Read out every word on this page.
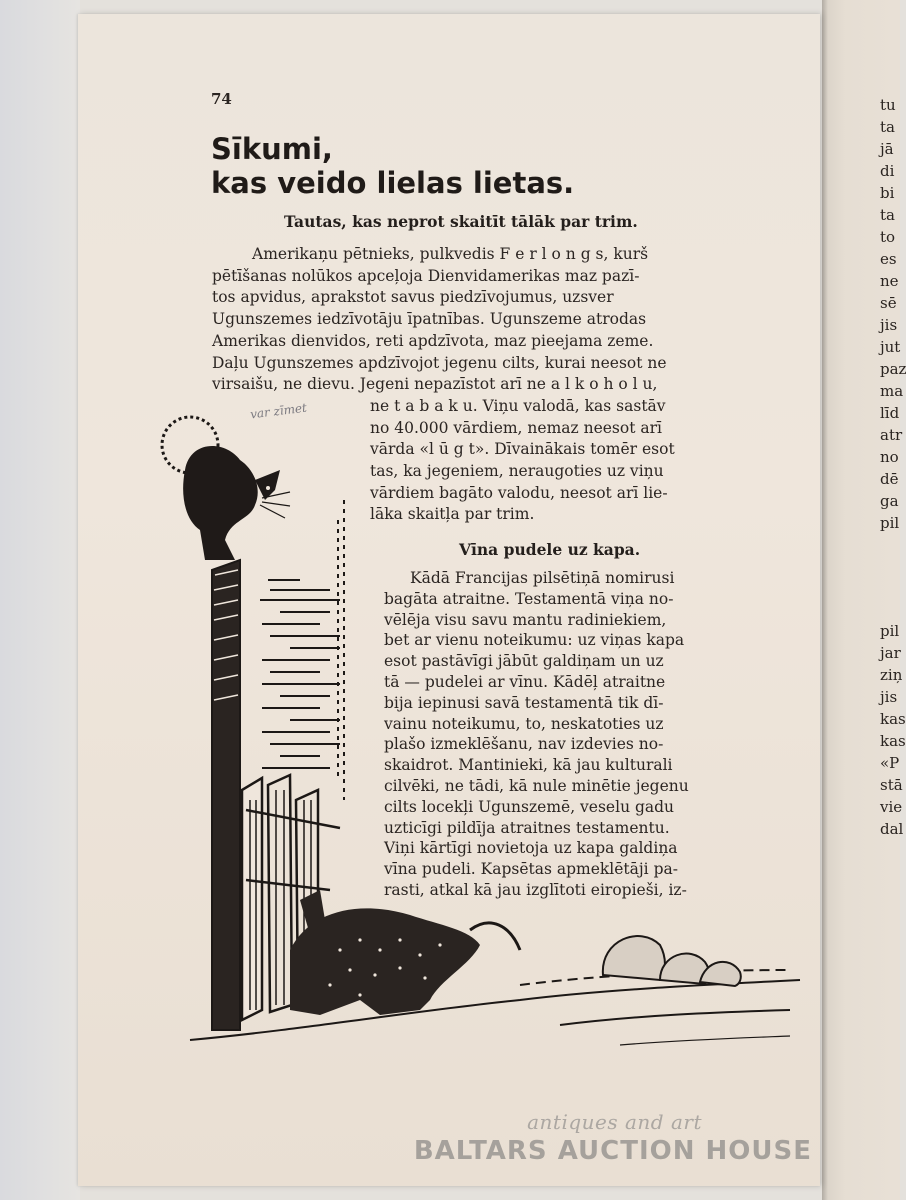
tu
ta
jā
di
bi
ta
to
es
ne
sē
jis
jut
paz
ma
līd
atr
no
dē
ga
pil
pil
jar
ziņ
jis
kas
kas
«P
stā
vie
dal
74
Sīkumi,
kas veido lielas lietas.
Tautas, kas neprot skaitīt tālāk par trim.
Amerikaņu pētnieks, pulkvedis F e r l o n g s, kurš
pētīšanas nolūkos apceļoja Dienvidamerikas maz pazī-
tos apvidus, aprakstot savus piedzīvojumus, uzsver
Ugunszemes iedzīvotāju īpatnības. Ugunszeme atrodas
Amerikas dienvidos, reti apdzīvota, maz pieejama zeme.
Daļu Ugunszemes apdzīvojot jegenu cilts, kurai neesot ne
virsaišu, ne dievu. Jegeni nepazīstot arī ne a l k o h o l u,
ne t a b a k u. Viņu valodā, kas sastāv
no 40.000 vārdiem, nemaz neesot arī
vārda «l ū g t». Dīvainākais tomēr esot
tas, ka jegeniem, neraugoties uz viņu
vārdiem bagāto valodu, neesot arī lie-
lāka skaitļa par trim.
var zīmet
Vīna pudele uz kapa.
Kādā Francijas pilsētiņā nomirusi
bagāta atraitne. Testamentā viņa no-
vēlēja visu savu mantu radiniekiem,
bet ar vienu noteikumu: uz viņas kapa
esot pastāvīgi jābūt galdiņam un uz
tā — pudelei ar vīnu. Kādēļ atraitne
bija iepinusi savā testamentā tik dī-
vainu noteikumu, to, neskatoties uz
plašo izmeklēšanu, nav izdevies no-
skaidrot. Mantinieki, kā jau kulturali
cilvēki, ne tādi, kā nule minētie jegenu
cilts locekļi Ugunszemē, veselu gadu
uzticīgi pildīja atraitnes testamentu.
Viņi kārtīgi novietoja uz kapa galdiņa
vīna pudeli. Kapsētas apmeklētāji pa-
rasti, atkal kā jau izglītoti eiropieši, iz-
antiques and art
BALTARS AUCTION HOUSE
